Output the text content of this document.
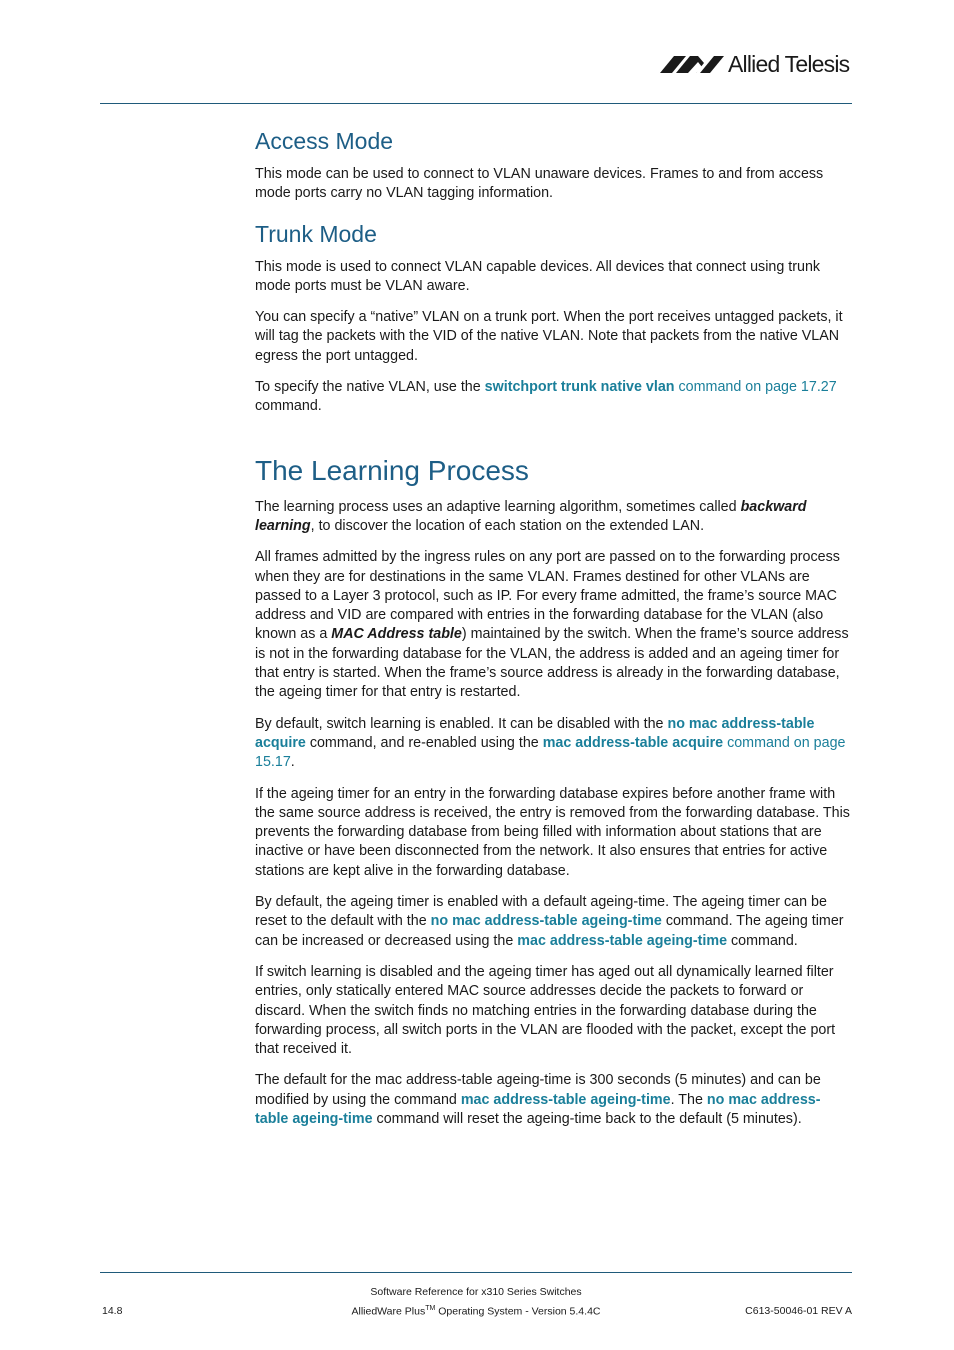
Allied Telesis
Access Mode

This mode can be used to connect to VLAN unaware devices. Frames to and from access mode ports carry no VLAN tagging information.

Trunk Mode

This mode is used to connect VLAN capable devices. All devices that connect using trunk mode ports must be VLAN aware.

You can specify a “native” VLAN on a trunk port. When the port receives untagged packets, it will tag the packets with the VID of the native VLAN. Note that packets from the native VLAN egress the port untagged.

To specify the native VLAN, use the switchport trunk native vlan command on page 17.27 command.

The Learning Process

The learning process uses an adaptive learning algorithm, sometimes called backward learning, to discover the location of each station on the extended LAN.

All frames admitted by the ingress rules on any port are passed on to the forwarding process when they are for destinations in the same VLAN. Frames destined for other VLANs are passed to a Layer 3 protocol, such as IP. For every frame admitted, the frame’s source MAC address and VID are compared with entries in the forwarding database for the VLAN (also known as a MAC Address table) maintained by the switch. When the frame’s source address is not in the forwarding database for the VLAN, the address is added and an ageing timer for that entry is started. When the frame’s source address is already in the forwarding database, the ageing timer for that entry is restarted.

By default, switch learning is enabled. It can be disabled with the no mac address-table acquire command, and re-enabled using the mac address-table acquire command on page 15.17.

If the ageing timer for an entry in the forwarding database expires before another frame with the same source address is received, the entry is removed from the forwarding database. This prevents the forwarding database from being filled with information about stations that are inactive or have been disconnected from the network. It also ensures that entries for active stations are kept alive in the forwarding database.

By default, the ageing timer is enabled with a default ageing-time. The ageing timer can be reset to the default with the no mac address-table ageing-time command. The ageing timer can be increased or decreased using the mac address-table ageing-time command.

If switch learning is disabled and the ageing timer has aged out all dynamically learned filter entries, only statically entered MAC source addresses decide the packets to forward or discard. When the switch finds no matching entries in the forwarding database during the forwarding process, all switch ports in the VLAN are flooded with the packet, except the port that received it.

The default for the mac address-table ageing-time is 300 seconds (5 minutes) and can be modified by using the command mac address-table ageing-time. The no mac address-table ageing-time command will reset the ageing-time back to the default (5 minutes).

Software Reference for x310 Series Switches
14.8	AlliedWare Plus™ Operating System - Version 5.4.4C	C613-50046-01 REV A
